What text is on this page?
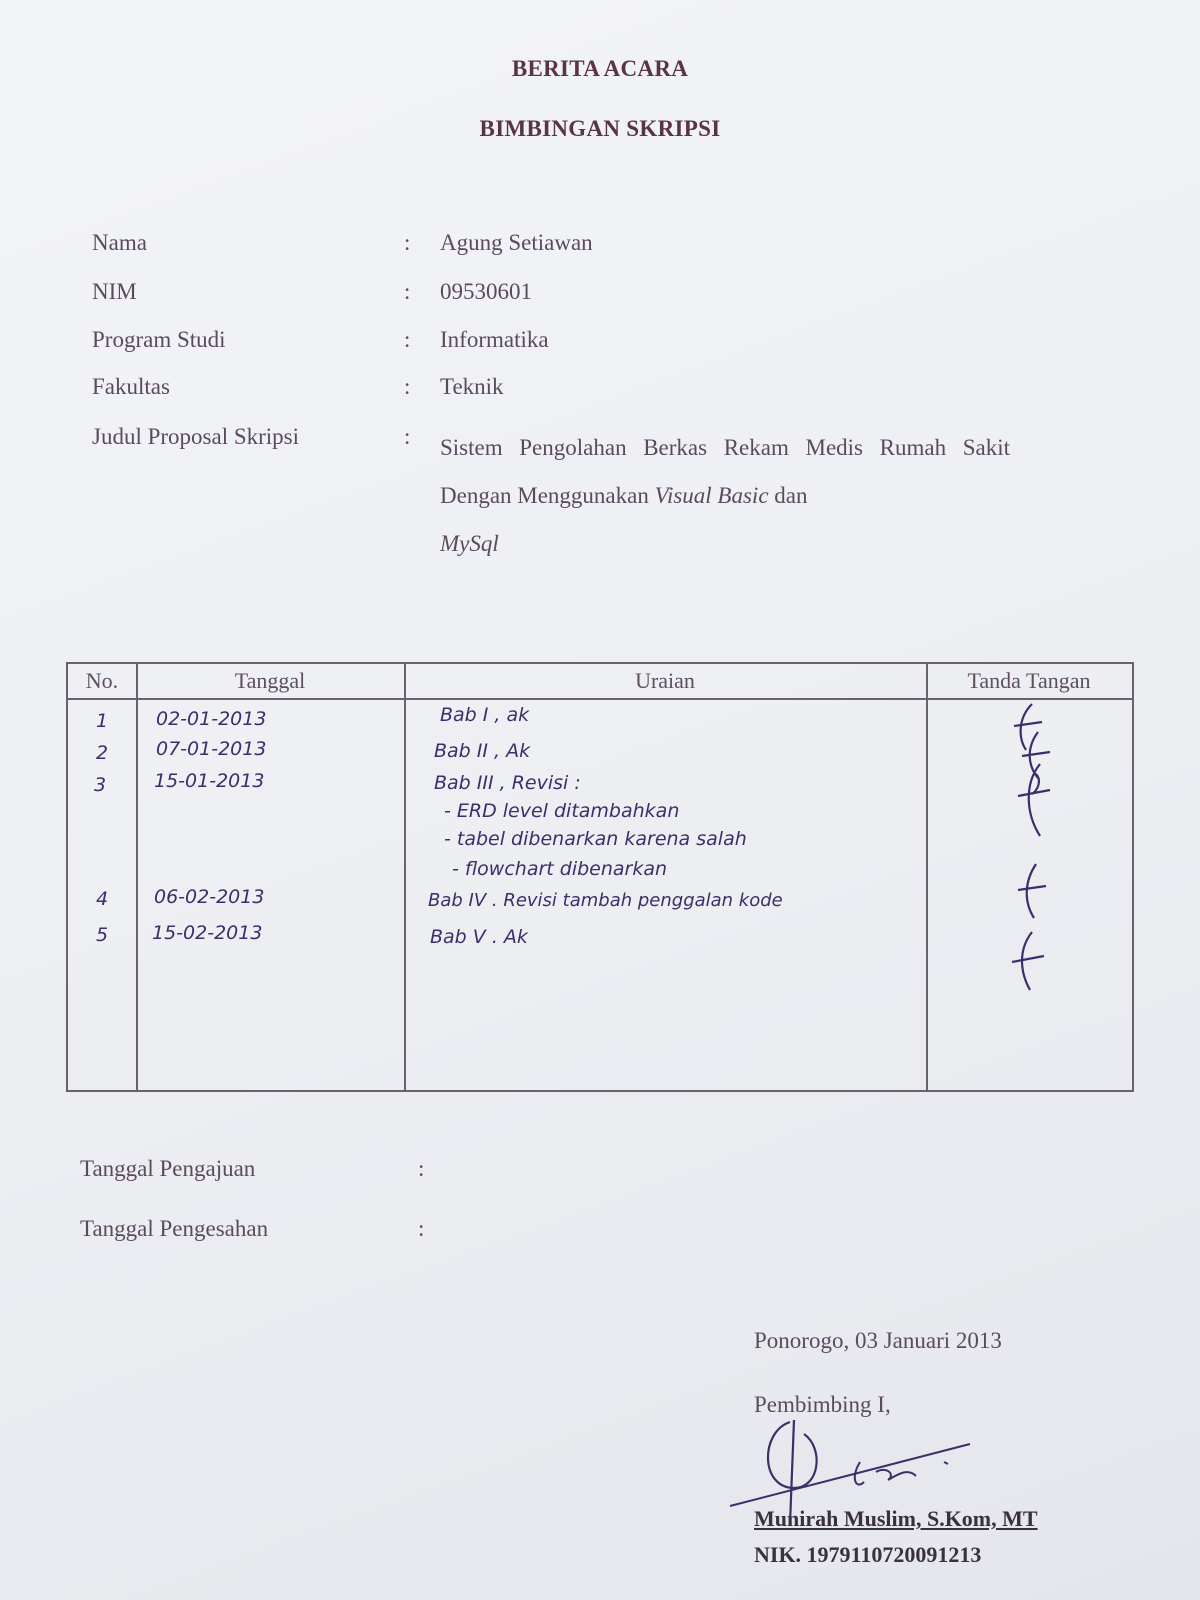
BERITA ACARA
BIMBINGAN SKRIPSI
Nama	: Agung Setiawan
NIM	: 09530601
Program Studi	: Informatika
Fakultas	: Teknik
Judul Proposal Skripsi	: Sistem Pengolahan Berkas Rekam Medis Rumah Sakit Dengan Menggunakan Visual Basic dan
MySql
No.	Tanggal	Uraian	Tanda Tangan
1	02-01-2013	Bab I , ak
2	07-01-2013	Bab II , Ak
3	15-01-2013	Bab III , Revisi :
- ERD level ditambahkan
- tabel dibenarkan karena salah
- flowchart dibenarkan
4 06-02-2013	Bab IV . Revisi tambah penggalan kode
5 15-02-2013	Bab V . Ak
Tanggal Pengajuan	:
Tanggal Pengesahan	:
Ponorogo, 03 Januari 2013
Pembimbing I,
Munirah Muslim, S.Kom, MT
NIK. 1979110720091213
